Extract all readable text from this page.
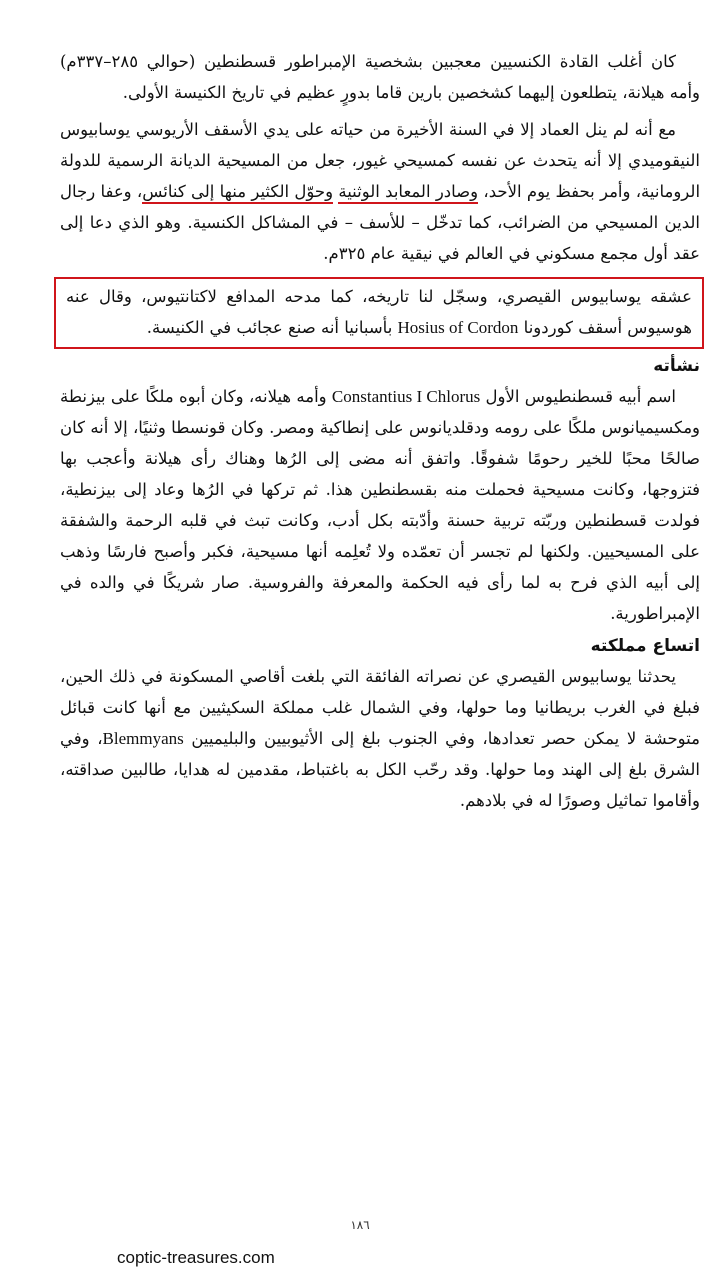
كان أغلب القادة الكنسيين معجبين بشخصية الإمبراطور قسطنطين (حوالي ٢٨٥–٣٣٧م) وأمه هيلانة، يتطلعون إليهما كشخصين بارين قاما بدورٍ عظيم في تاريخ الكنيسة الأولى.

مع أنه لم ينل العماد إلا في السنة الأخيرة من حياته على يدي الأسقف الأريوسي يوسابيوس النيقوميدي إلا أنه يتحدث عن نفسه كمسيحي غيور، جعل من المسيحية الديانة الرسمية للدولة الرومانية، وأمر بحفظ يوم الأحد، وصادر المعابد الوثنية وحوّل الكثير منها إلى كنائس، وعفا رجال الدين المسيحي من الضرائب، كما تدخّل – للأسف – في المشاكل الكنسية. وهو الذي دعا إلى عقد أول مجمع مسكوني في العالم في نيقية عام ٣٢٥م.

عشقه يوسابيوس القيصري، وسجّل لنا تاريخه، كما مدحه المدافع لاكتانتيوس، وقال عنه هوسيوس أسقف كوردونا Hosius of Cordon بأسبانيا أنه صنع عجائب في الكنيسة.

نشأته

اسم أبيه قسطنطيوس الأول Constantius I Chlorus وأمه هيلانه، وكان أبوه ملكًا على بيزنطة ومكسيميانوس ملكًا على رومه ودقلديانوس على إنطاكية ومصر. وكان قونسطا وثنيًا، إلا أنه كان صالحًا محبًا للخير رحومًا شفوقًا. واتفق أنه مضى إلى الرُها وهناك رأى هيلانة وأعجب بها فتزوجها، وكانت مسيحية فحملت منه بقسطنطين هذا. ثم تركها في الرُها وعاد إلى بيزنطية، فولدت قسطنطين وربّته تربية حسنة وأدّبته بكل أدب، وكانت تبث في قلبه الرحمة والشفقة على المسيحيين. ولكنها لم تجسر أن تعمّده ولا تُعلِمه أنها مسيحية، فكبر وأصبح فارسًا وذهب إلى أبيه الذي فرح به لما رأى فيه الحكمة والمعرفة والفروسية. صار شريكًا في والده في الإمبراطورية.

اتساع مملكته

يحدثنا يوسابيوس القيصري عن نصراته الفائقة التي بلغت أقاصي المسكونة في ذلك الحين، فبلغ في الغرب بريطانيا وما حولها، وفي الشمال غلب مملكة السكيثيين مع أنها كانت قبائل متوحشة لا يمكن حصر تعدادها، وفي الجنوب بلغ إلى الأثيوبيين والبليميين Blemmyans، وفي الشرق بلغ إلى الهند وما حولها. وقد رحّب الكل به باغتباط، مقدمين له هدايا، طالبين صداقته، وأقاموا تماثيل وصورًا له في بلادهم.

١٨٦
coptic-treasures.com
